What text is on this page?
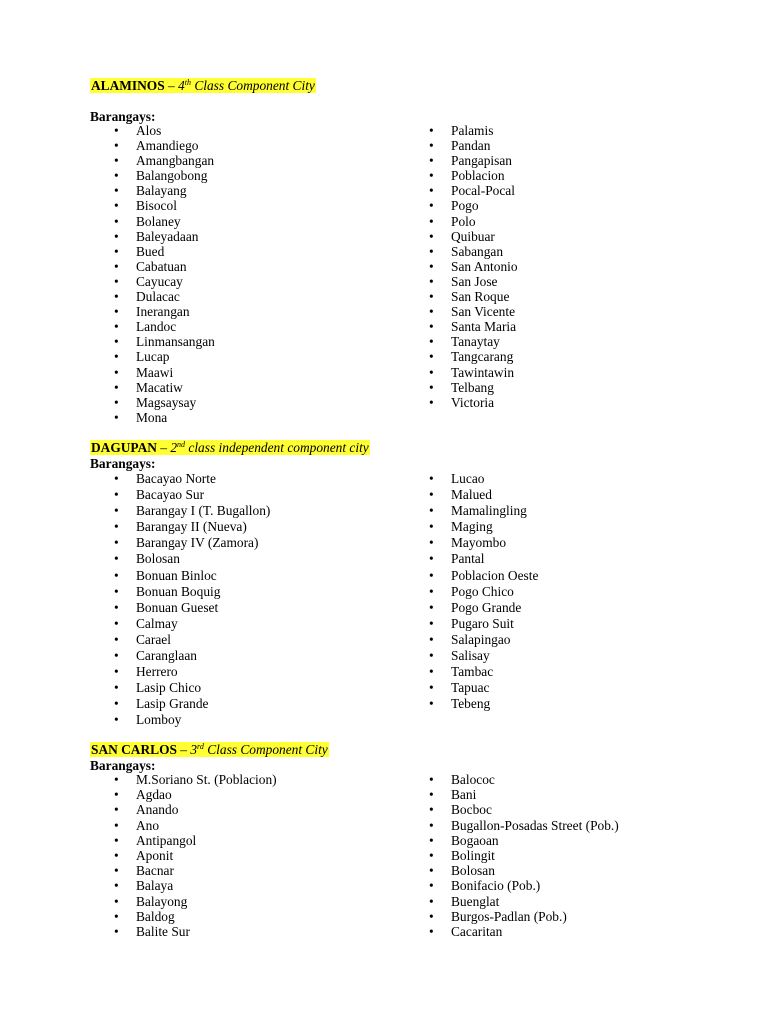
ALAMINOS – 4th Class Component City
Barangays:
• Alos
• Amandiego
• Amangbangan
• Balangobong
• Balayang
• Bisocol
• Bolaney
• Baleyadaan
• Bued
• Cabatuan
• Cayucay
• Dulacac
• Inerangan
• Landoc
• Linmansangan
• Lucap
• Maawi
• Macatiw
• Magsaysay
• Mona
• Palamis
• Pandan
• Pangapisan
• Poblacion
• Pocal-Pocal
• Pogo
• Polo
• Quibuar
• Sabangan
• San Antonio
• San Jose
• San Roque
• San Vicente
• Santa Maria
• Tanaytay
• Tangcarang
• Tawintawin
• Telbang
• Victoria
DAGUPAN – 2nd class independent component city
Barangays:
• Bacayao Norte
• Bacayao Sur
• Barangay I (T. Bugallon)
• Barangay II (Nueva)
• Barangay IV (Zamora)
• Bolosan
• Bonuan Binloc
• Bonuan Boquig
• Bonuan Gueset
• Calmay
• Carael
• Caranglaan
• Herrero
• Lasip Chico
• Lasip Grande
• Lomboy
• Lucao
• Malued
• Mamalingling
• Maging
• Mayombo
• Pantal
• Poblacion Oeste
• Pogo Chico
• Pogo Grande
• Pugaro Suit
• Salapingao
• Salisay
• Tambac
• Tapuac
• Tebeng
SAN CARLOS – 3rd Class Component City
Barangays:
• M.Soriano St. (Poblacion)
• Agdao
• Anando
• Ano
• Antipangol
• Aponit
• Bacnar
• Balaya
• Balayong
• Baldog
• Balite Sur
• Balococ
• Bani
• Bocboc
• Bugallon-Posadas Street (Pob.)
• Bogaoan
• Bolingit
• Bolosan
• Bonifacio (Pob.)
• Buenglat
• Burgos-Padlan (Pob.)
• Cacaritan
